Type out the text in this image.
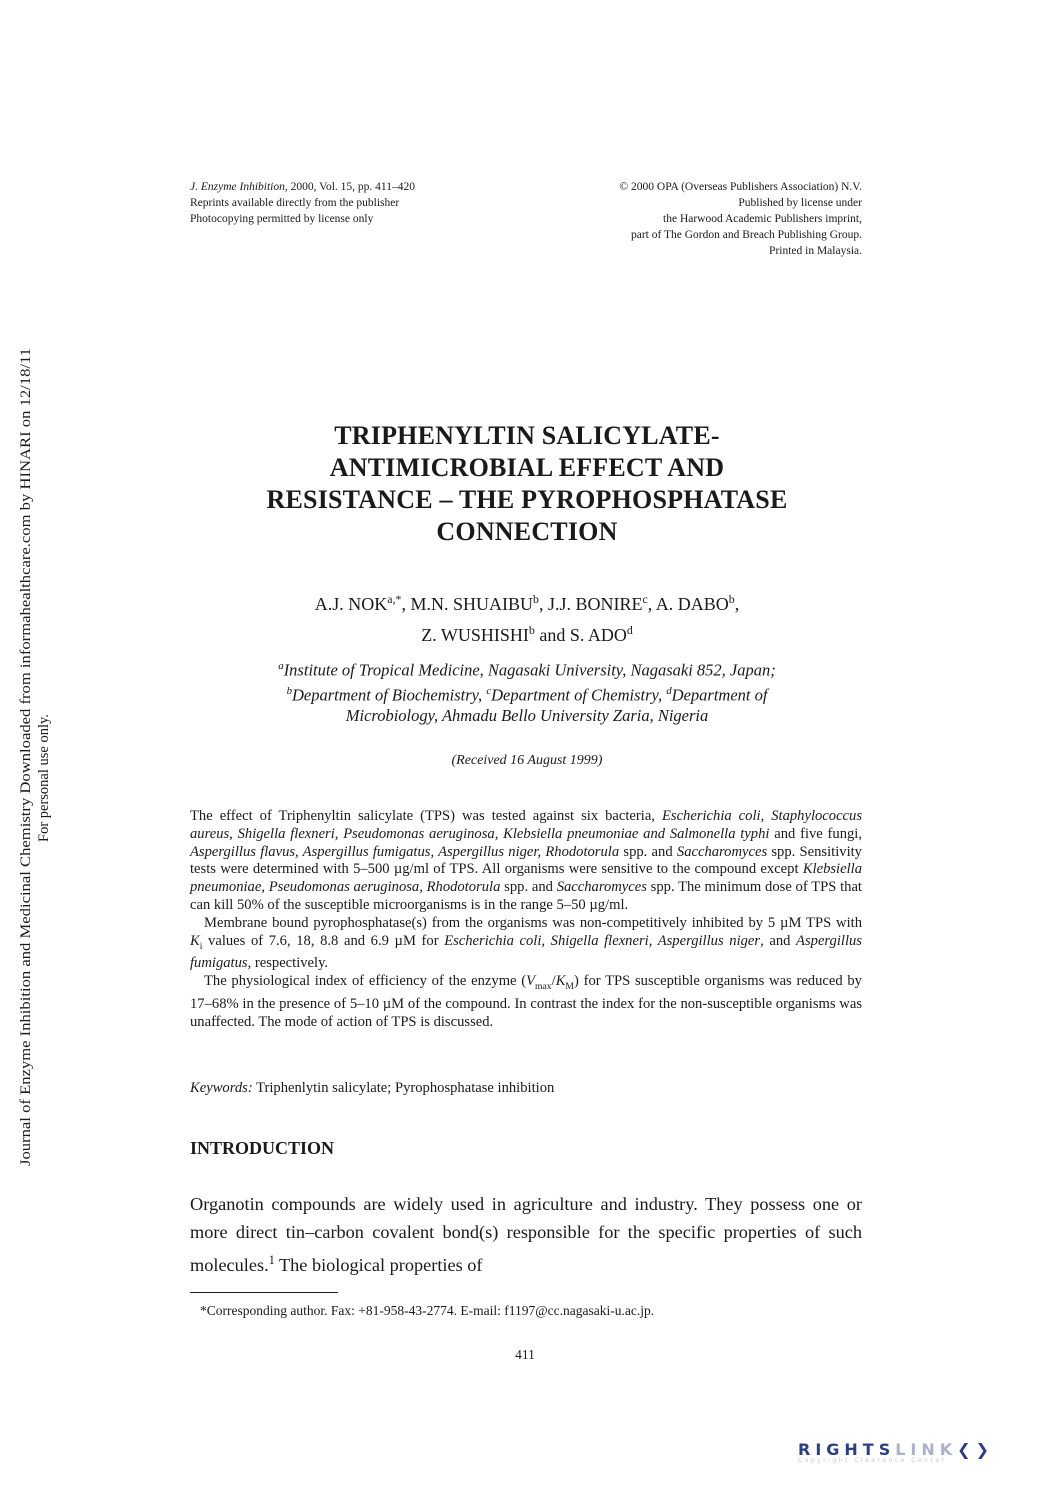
J. Enzyme Inhibition, 2000, Vol. 15, pp. 411–420
Reprints available directly from the publisher
Photocopying permitted by license only
© 2000 OPA (Overseas Publishers Association) N.V.
Published by license under
the Harwood Academic Publishers imprint,
part of The Gordon and Breach Publishing Group.
Printed in Malaysia.
Journal of Enzyme Inhibition and Medicinal Chemistry Downloaded from informahealthcare.com by HINARI on 12/18/11 For personal use only.
TRIPHENYLTIN SALICYLATE-
ANTIMICROBIAL EFFECT AND
RESISTANCE – THE PYROPHOSPHATASE
CONNECTION
A.J. $NOK^{a,*}$, M.N. SHUAIBU$^b$, J.J. BONIRE$^c$, A. DABO$^b$,
Z. WUSHISHI$^b$ and S. ADO$^d$
$^a$Institute of Tropical Medicine, Nagasaki University, Nagasaki 852, Japan;
$^b$Department of Biochemistry, $^c$Department of Chemistry, $^d$Department of
Microbiology, Ahmadu Bello University Zaria, Nigeria
(Received 16 August 1999)

The effect of Triphenyltin salicylate (TPS) was tested against six bacteria, Escherichia coli, Staphylococcus aureus, Shigella flexneri, Pseudomonas aeruginosa, Klebsiella pneumoniae and Salmonella typhi and five fungi, Aspergillus flavus, Aspergillus fumigatus, Aspergillus niger, Rhodotorula spp. and Saccharomyces spp. Sensitivity tests were determined with 5–500 µg/ml of TPS. All organisms were sensitive to the compound except Klebsiella pneumoniae, Pseudomonas aeruginosa, Rhodotorula spp. and Saccharomyces spp. The minimum dose of TPS that can kill 50% of the susceptible microorganisms is in the range 5–50 µg/ml.

Membrane bound pyrophosphatase(s) from the organisms was non-competitively inhibited by 5 µM TPS with $K_i$ values of 7.6, 18, 8.8 and 6.9 µM for Escherichia coli, Shigella flexneri, Aspergillus niger, and Aspergillus fumigatus, respectively.

The physiological index of efficiency of the enzyme $(V_{max}/K_M)$ for TPS susceptible organisms was reduced by 17–68% in the presence of 5–10 µM of the compound. In contrast the index for the non-susceptible organisms was unaffected. The mode of action of TPS is discussed.

Keywords: Triphenlytin salicylate; Pyrophosphatase inhibition
INTRODUCTION
Organotin compounds are widely used in agriculture and industry. They possess one or more direct tin–carbon covalent bond(s) responsible for the specific properties of such molecules.$^1$ The biological properties of
*Corresponding author. Fax: +81-958-43-2774. E-mail: f1197@cc.nagasaki-u.ac.jp.
411
RIGHTSLINK❮❯
Copyright Clearance Center
